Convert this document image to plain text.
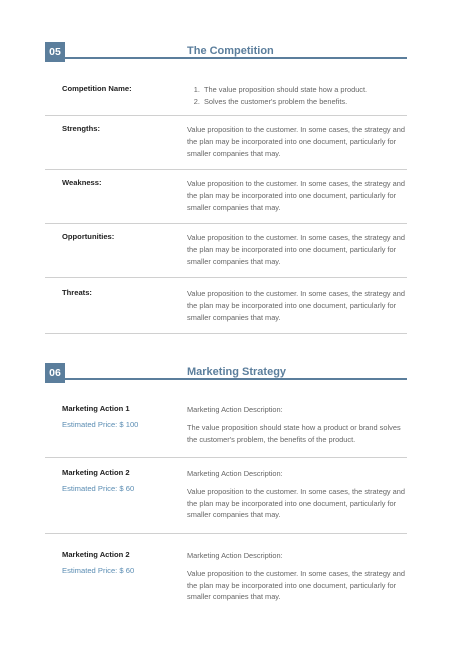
05	The Competition
Competition Name:
1.	The value proposition should state how a product.
2. Solves the customer's problem the benefits.
Strengths:	Value proposition to the customer. In some cases, the strategy and the plan may be incorporated into one document, particularly for smaller companies that may.
Weakness:	Value proposition to the customer. In some cases, the strategy and the plan may be incorporated into one document, particularly for smaller companies that may.
Opportunities:	Value proposition to the customer. In some cases, the strategy and the plan may be incorporated into one document, particularly for smaller companies that may.
Threats:	Value proposition to the customer. In some cases, the strategy and the plan may be incorporated into one document, particularly for smaller companies that may.
06	Marketing Strategy
Marketing Action 1
Estimated Price: $ 100
Marketing Action Description:
The value proposition should state how a product or brand solves the customer's problem, the benefits of the product.
Marketing Action 2
Estimated Price: $ 60
Marketing Action Description:
Value proposition to the customer. In some cases, the strategy and the plan may be incorporated into one document, particularly for smaller companies that may.
Marketing Action 2
Estimated Price: $ 60
Marketing Action Description:
Value proposition to the customer. In some cases, the strategy and the plan may be incorporated into one document, particularly for smaller companies that may.
